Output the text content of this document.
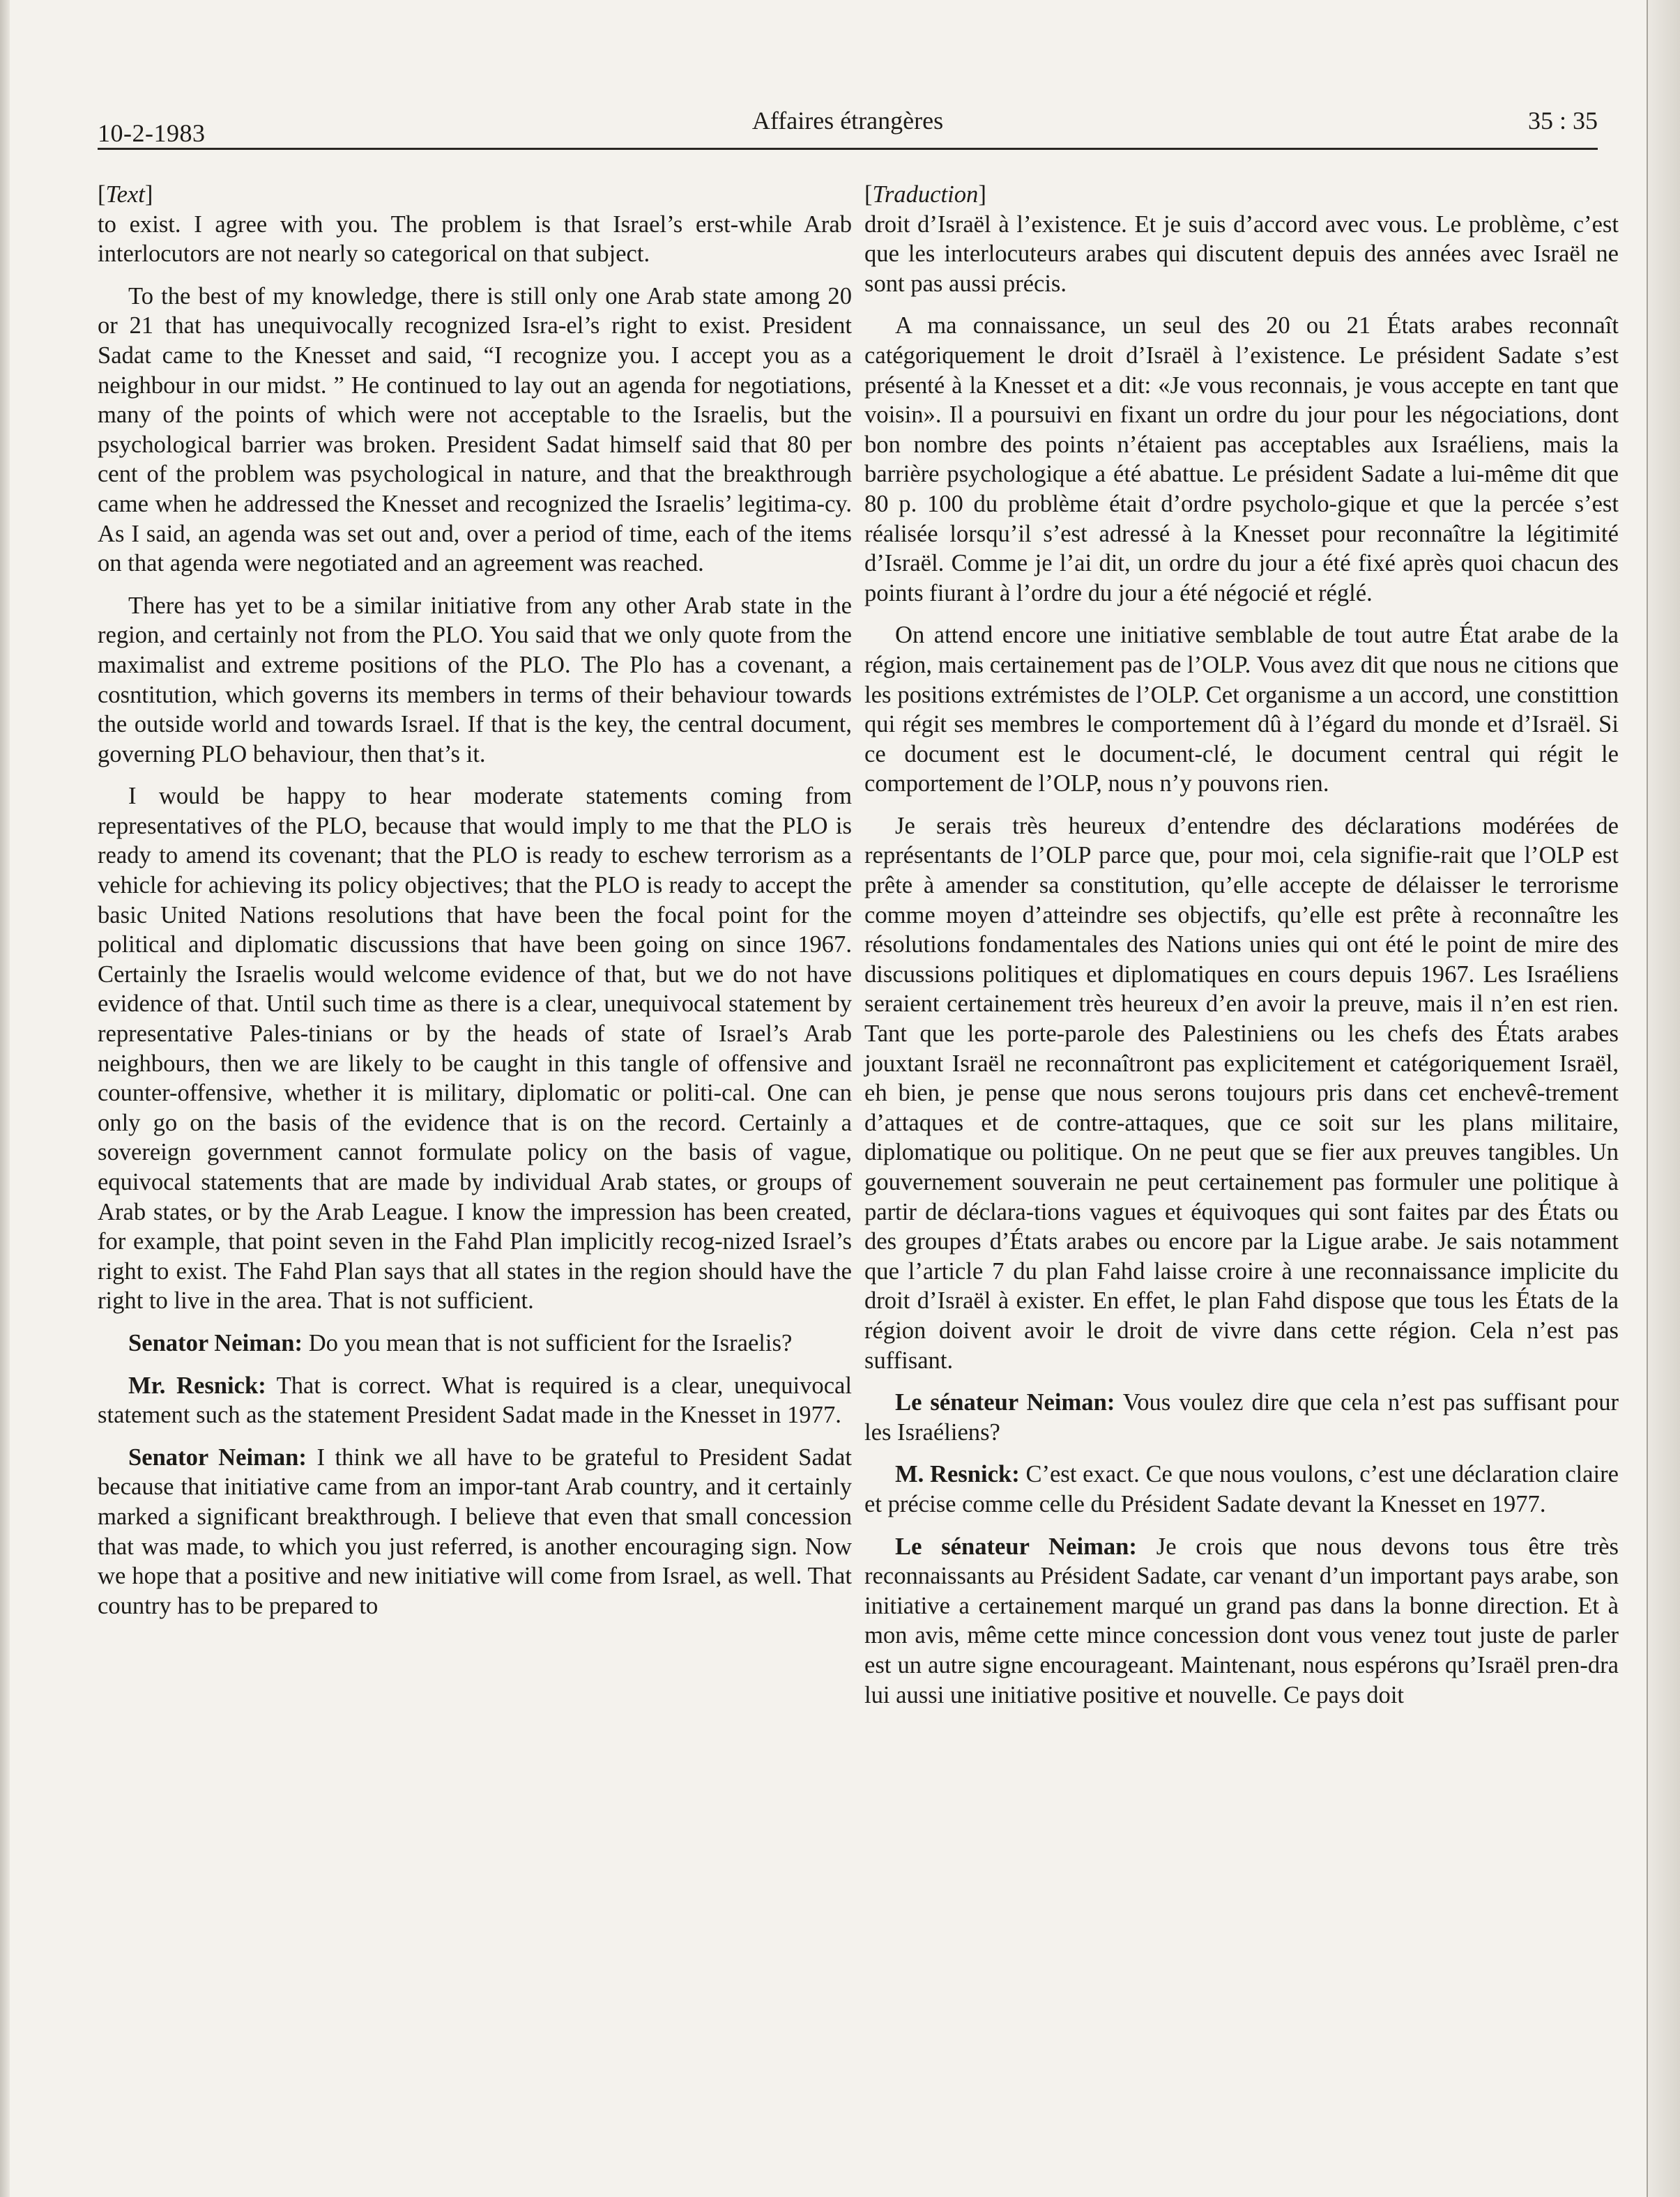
10-2-1983	Affaires étrangères	35 : 35

[Text]

to exist. I agree with you. The problem is that Israel’s erst-while Arab interlocutors are not nearly so categorical on that subject.

To the best of my knowledge, there is still only one Arab state among 20 or 21 that has unequivocally recognized Isra-el’s right to exist. President Sadat came to the Knesset and said, “I recognize you. I accept you as a neighbour in our midst. ” He continued to lay out an agenda for negotiations, many of the points of which were not acceptable to the Israelis, but the psychological barrier was broken. President Sadat himself said that 80 per cent of the problem was psychological in nature, and that the breakthrough came when he addressed the Knesset and recognized the Israelis’ legitima-cy. As I said, an agenda was set out and, over a period of time, each of the items on that agenda were negotiated and an agreement was reached.

There has yet to be a similar initiative from any other Arab state in the region, and certainly not from the PLO. You said that we only quote from the maximalist and extreme positions of the PLO. The Plo has a covenant, a cosntitution, which governs its members in terms of their behaviour towards the outside world and towards Israel. If that is the key, the central document, governing PLO behaviour, then that’s it.

I would be happy to hear moderate statements coming from representatives of the PLO, because that would imply to me that the PLO is ready to amend its covenant; that the PLO is ready to eschew terrorism as a vehicle for achieving its policy objectives; that the PLO is ready to accept the basic United Nations resolutions that have been the focal point for the political and diplomatic discussions that have been going on since 1967. Certainly the Israelis would welcome evidence of that, but we do not have evidence of that. Until such time as there is a clear, unequivocal statement by representative Pales-tinians or by the heads of state of Israel’s Arab neighbours, then we are likely to be caught in this tangle of offensive and counter-offensive, whether it is military, diplomatic or politi-cal. One can only go on the basis of the evidence that is on the record. Certainly a sovereign government cannot formulate policy on the basis of vague, equivocal statements that are made by individual Arab states, or groups of Arab states, or by the Arab League. I know the impression has been created, for example, that point seven in the Fahd Plan implicitly recog-nized Israel’s right to exist. The Fahd Plan says that all states in the region should have the right to live in the area. That is not sufficient.

Senator Neiman: Do you mean that is not sufficient for the Israelis?

Mr. Resnick: That is correct. What is required is a clear, unequivocal statement such as the statement President Sadat made in the Knesset in 1977.

Senator Neiman: I think we all have to be grateful to President Sadat because that initiative came from an impor-tant Arab country, and it certainly marked a significant breakthrough. I believe that even that small concession that was made, to which you just referred, is another encouraging sign. Now we hope that a positive and new initiative will come from Israel, as well. That country has to be prepared to

[Traduction]

droit d’Israël à l’existence. Et je suis d’accord avec vous. Le problème, c’est que les interlocuteurs arabes qui discutent depuis des années avec Israël ne sont pas aussi précis.

A ma connaissance, un seul des 20 ou 21 États arabes reconnaît catégoriquement le droit d’Israël à l’existence. Le président Sadate s’est présenté à la Knesset et a dit: «Je vous reconnais, je vous accepte en tant que voisin». Il a poursuivi en fixant un ordre du jour pour les négociations, dont bon nombre des points n’étaient pas acceptables aux Israéliens, mais la barrière psychologique a été abattue. Le président Sadate a lui-même dit que 80 p. 100 du problème était d’ordre psycholo-gique et que la percée s’est réalisée lorsqu’il s’est adressé à la Knesset pour reconnaître la légitimité d’Israël. Comme je l’ai dit, un ordre du jour a été fixé après quoi chacun des points fiurant à l’ordre du jour a été négocié et réglé.

On attend encore une initiative semblable de tout autre État arabe de la région, mais certainement pas de l’OLP. Vous avez dit que nous ne citions que les positions extrémistes de l’OLP. Cet organisme a un accord, une constittion qui régit ses membres le comportement dû à l’égard du monde et d’Israël. Si ce document est le document-clé, le document central qui régit le comportement de l’OLP, nous n’y pouvons rien.

Je serais très heureux d’entendre des déclarations modérées de représentants de l’OLP parce que, pour moi, cela signifie-rait que l’OLP est prête à amender sa constitution, qu’elle accepte de délaisser le terrorisme comme moyen d’atteindre ses objectifs, qu’elle est prête à reconnaître les résolutions fondamentales des Nations unies qui ont été le point de mire des discussions politiques et diplomatiques en cours depuis 1967. Les Israéliens seraient certainement très heureux d’en avoir la preuve, mais il n’en est rien. Tant que les porte-parole des Palestiniens ou les chefs des États arabes jouxtant Israël ne reconnaîtront pas explicitement et catégoriquement Israël, eh bien, je pense que nous serons toujours pris dans cet enchevê-trement d’attaques et de contre-attaques, que ce soit sur les plans militaire, diplomatique ou politique. On ne peut que se fier aux preuves tangibles. Un gouvernement souverain ne peut certainement pas formuler une politique à partir de déclara-tions vagues et équivoques qui sont faites par des États ou des groupes d’États arabes ou encore par la Ligue arabe. Je sais notamment que l’article 7 du plan Fahd laisse croire à une reconnaissance implicite du droit d’Israël à exister. En effet, le plan Fahd dispose que tous les États de la région doivent avoir le droit de vivre dans cette région. Cela n’est pas suffisant.

Le sénateur Neiman: Vous voulez dire que cela n’est pas suffisant pour les Israéliens?

M. Resnick: C’est exact. Ce que nous voulons, c’est une déclaration claire et précise comme celle du Président Sadate devant la Knesset en 1977.

Le sénateur Neiman: Je crois que nous devons tous être très reconnaissants au Président Sadate, car venant d’un important pays arabe, son initiative a certainement marqué un grand pas dans la bonne direction. Et à mon avis, même cette mince concession dont vous venez tout juste de parler est un autre signe encourageant. Maintenant, nous espérons qu’Israël pren-dra lui aussi une initiative positive et nouvelle. Ce pays doit
